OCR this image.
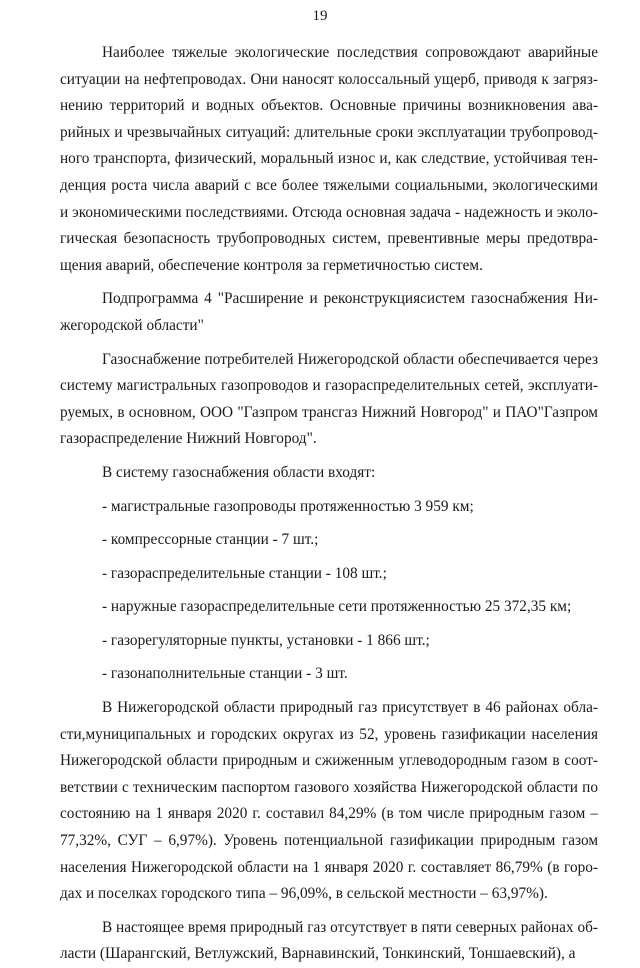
19

Наиболее тяжелые экологические последствия сопровождают аварийные ситуации на нефтепроводах. Они наносят колоссальный ущерб, приводя к загрязнению территорий и водных объектов. Основные причины возникновения аварийных и чрезвычайных ситуаций: длительные сроки эксплуатации трубопроводного транспорта, физический, моральный износ и, как следствие, устойчивая тенденция роста числа аварий с все более тяжелыми социальными, экологическими и экономическими последствиями. Отсюда основная задача - надежность и экологическая безопасность трубопроводных систем, превентивные меры предотвращения аварий, обеспечение контроля за герметичностью систем.

Подпрограмма 4 "Расширение и реконструкциясистем газоснабжения Нижегородской области"

Газоснабжение потребителей Нижегородской области обеспечивается через систему магистральных газопроводов и газораспределительных сетей, эксплуатируемых, в основном, ООО "Газпром трансгаз Нижний Новгород" и ПАО"Газпром газораспределение Нижний Новгород".

В систему газоснабжения области входят:

- магистральные газопроводы протяженностью 3 959 км;

- компрессорные станции - 7 шт.;

- газораспределительные станции - 108 шт.;

- наружные газораспределительные сети протяженностью 25 372,35 км;

- газорегуляторные пункты, установки - 1 866 шт.;

- газонаполнительные станции - 3 шт.

В Нижегородской области природный газ присутствует в 46 районах области,муниципальных и городских округах из 52, уровень газификации населения Нижегородской области природным и сжиженным углеводородным газом в соответствии с техническим паспортом газового хозяйства Нижегородской области по состоянию на 1 января 2020 г. составил 84,29% (в том числе природным газом – 77,32%, СУГ – 6,97%). Уровень потенциальной газификации природным газом населения Нижегородской области на 1 января 2020 г. составляет 86,79% (в городах и поселках городского типа – 96,09%, в сельской местности – 63,97%).

В настоящее время природный газ отсутствует в пяти северных районах области (Шарангский, Ветлужский, Варнавинский, Тонкинский, Тоншаевский), а
